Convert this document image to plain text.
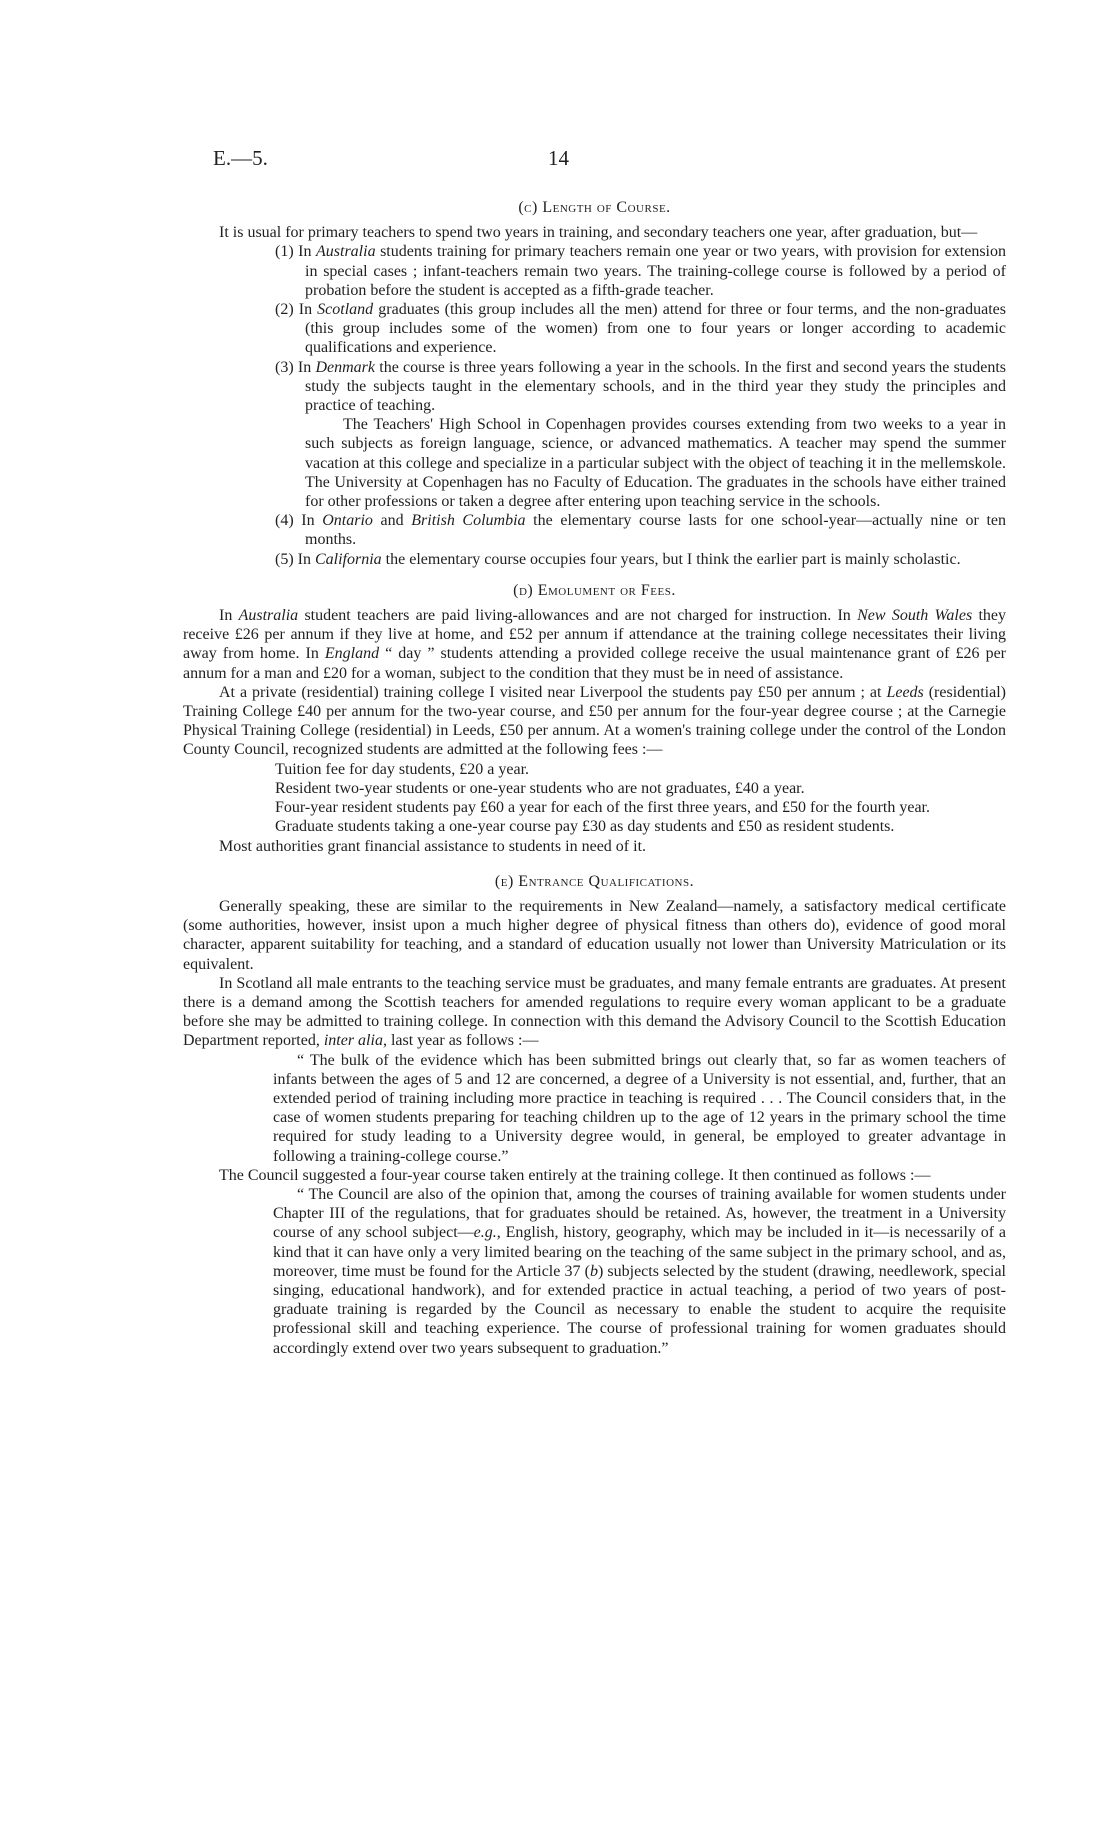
E.—5.	14

(c) Length of Course.

It is usual for primary teachers to spend two years in training, and secondary teachers one year, after graduation, but—

(1) In Australia students training for primary teachers remain one year or two years, with provision for extension in special cases ; infant-teachers remain two years. The training-college course is followed by a period of probation before the student is accepted as a fifth-grade teacher.

(2) In Scotland graduates (this group includes all the men) attend for three or four terms, and the non-graduates (this group includes some of the women) from one to four years or longer according to academic qualifications and experience.

(3) In Denmark the course is three years following a year in the schools. In the first and second years the students study the subjects taught in the elementary schools, and in the third year they study the principles and practice of teaching.

The Teachers' High School in Copenhagen provides courses extending from two weeks to a year in such subjects as foreign language, science, or advanced mathematics. A teacher may spend the summer vacation at this college and specialize in a particular subject with the object of teaching it in the mellemskole. The University at Copenhagen has no Faculty of Education. The graduates in the schools have either trained for other professions or taken a degree after entering upon teaching service in the schools.

(4) In Ontario and British Columbia the elementary course lasts for one school-year—actually nine or ten months.

(5) In California the elementary course occupies four years, but I think the earlier part is mainly scholastic.

(d) Emolument or Fees.

In Australia student teachers are paid living-allowances and are not charged for instruction. In New South Wales they receive £26 per annum if they live at home, and £52 per annum if attendance at the training college necessitates their living away from home. In England “ day ” students attending a provided college receive the usual maintenance grant of £26 per annum for a man and £20 for a woman, subject to the condition that they must be in need of assistance.

At a private (residential) training college I visited near Liverpool the students pay £50 per annum ; at Leeds (residential) Training College £40 per annum for the two-year course, and £50 per annum for the four-year degree course ; at the Carnegie Physical Training College (residential) in Leeds, £50 per annum. At a women's training college under the control of the London County Council, recognized students are admitted at the following fees :—

Tuition fee for day students, £20 a year.

Resident two-year students or one-year students who are not graduates, £40 a year.

Four-year resident students pay £60 a year for each of the first three years, and £50 for the fourth year.

Graduate students taking a one-year course pay £30 as day students and £50 as resident students.

Most authorities grant financial assistance to students in need of it.

(e) Entrance Qualifications.

Generally speaking, these are similar to the requirements in New Zealand—namely, a satisfactory medical certificate (some authorities, however, insist upon a much higher degree of physical fitness than others do), evidence of good moral character, apparent suitability for teaching, and a standard of education usually not lower than University Matriculation or its equivalent.

In Scotland all male entrants to the teaching service must be graduates, and many female entrants are graduates. At present there is a demand among the Scottish teachers for amended regulations to require every woman applicant to be a graduate before she may be admitted to training college. In connection with this demand the Advisory Council to the Scottish Education Department reported, inter alia, last year as follows :—

“ The bulk of the evidence which has been submitted brings out clearly that, so far as women teachers of infants between the ages of 5 and 12 are concerned, a degree of a University is not essential, and, further, that an extended period of training including more practice in teaching is required . . . The Council considers that, in the case of women students preparing for teaching children up to the age of 12 years in the primary school the time required for study leading to a University degree would, in general, be employed to greater advantage in following a training-college course.”

The Council suggested a four-year course taken entirely at the training college. It then continued as follows :—

“ The Council are also of the opinion that, among the courses of training available for women students under Chapter III of the regulations, that for graduates should be retained. As, however, the treatment in a University course of any school subject—e.g., English, history, geography, which may be included in it—is necessarily of a kind that it can have only a very limited bearing on the teaching of the same subject in the primary school, and as, moreover, time must be found for the Article 37 (b) subjects selected by the student (drawing, needlework, special singing, educational handwork), and for extended practice in actual teaching, a period of two years of post-graduate training is regarded by the Council as necessary to enable the student to acquire the requisite professional skill and teaching experience. The course of professional training for women graduates should accordingly extend over two years subsequent to graduation.”
